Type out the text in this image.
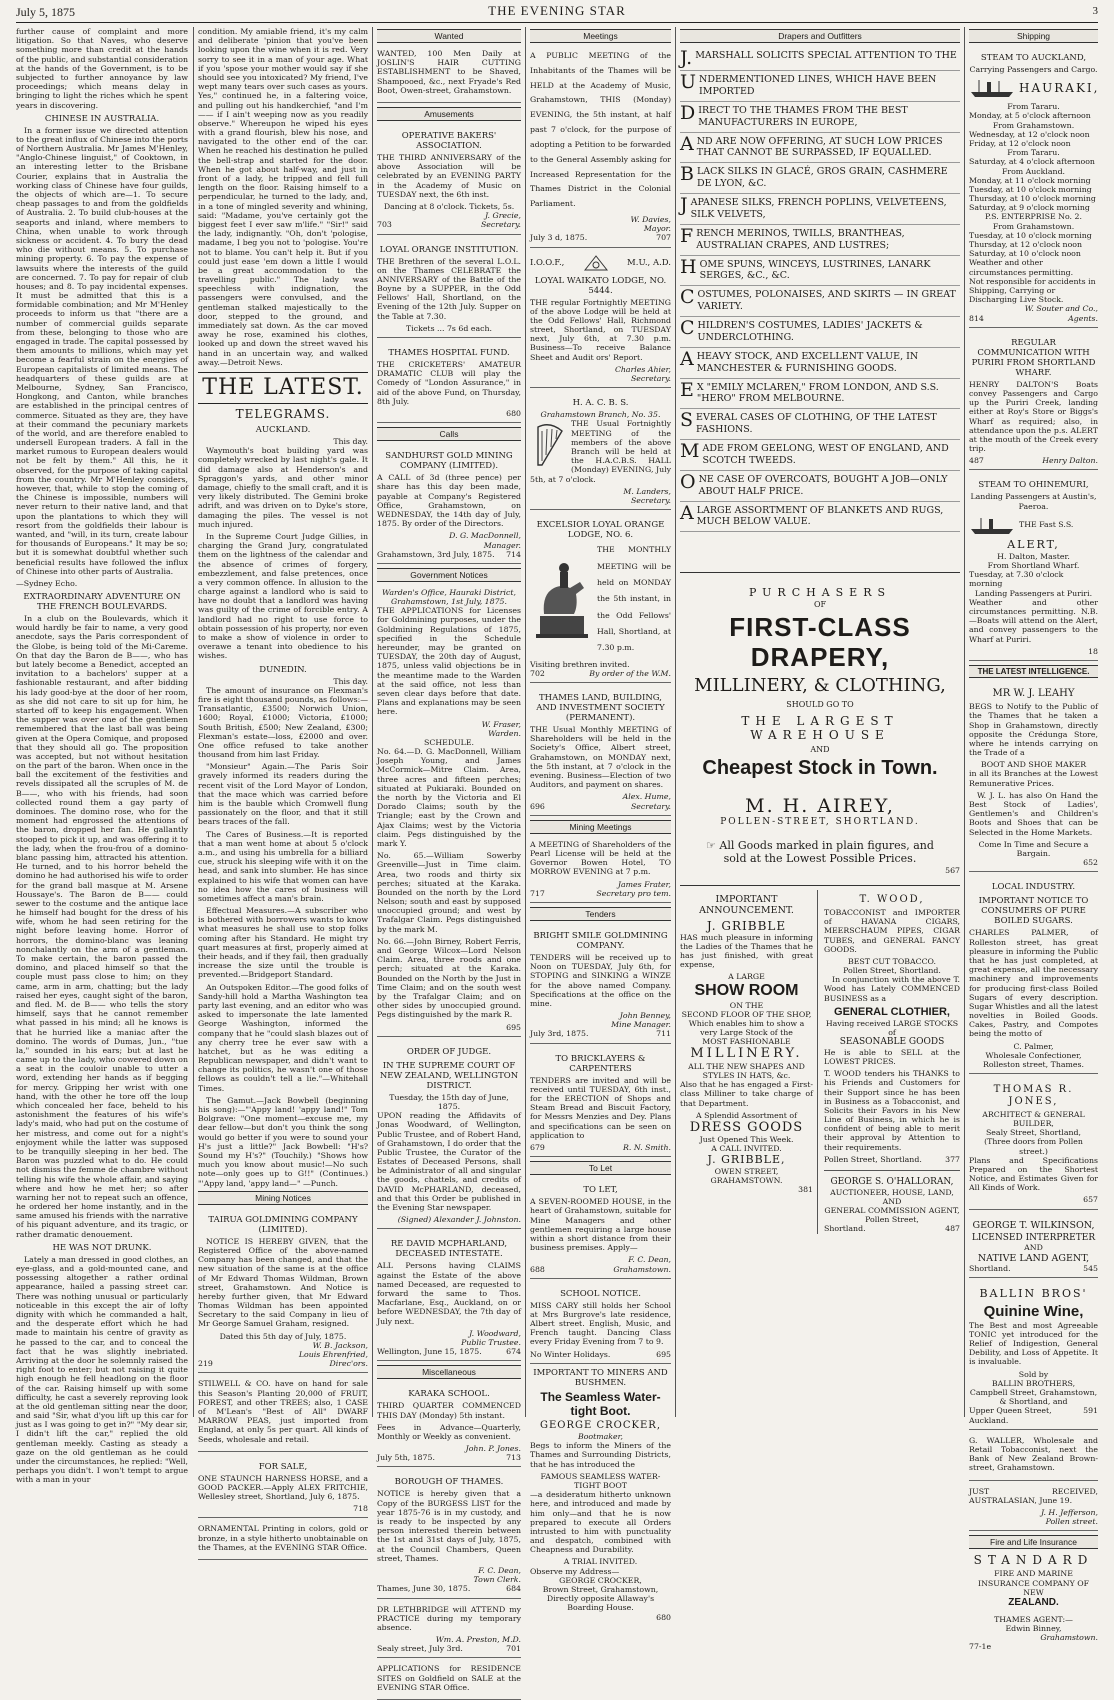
July 5, 1875	THE EVENING STAR	3

further cause of complaint and more litigation. So that Naves, who deserve something more than credit at the hands of the public, and substantial consideration at the hands of the Government, is to be subjected to further annoyance by law proceedings; which means delay in bringing to light the riches which he spent years in discovering.

CHINESE IN AUSTRALIA.

In a former issue we directed attention to the great influx of Chinese into the ports of Northern Australia. Mr James M'Henley, "Anglo-Chinese linguist," of Cooktown, in an interesting letter to the Brisbane Courier, explains that in Australia the working class of Chinese have four guilds, the objects of which are—1. To secure cheap passages to and from the goldfields of Australia. 2. To build club-houses at the seaports and inland, where members to China, when unable to work through sickness or accident. 4. To bury the dead who die without means. 5. To purchase mining property. 6. To pay the expense of lawsuits where the interests of the guild are concerned. 7. To pay for repair of club houses; and 8. To pay incidental expenses. It must be admitted that this is a formidable combination; and Mr M'Henley proceeds to inform us that "there are a number of commercial guilds separate from these, belonging to those who are engaged in trade. The capital possessed by them amounts to millions, which may yet become a fearful strain on the energies of European capitalists of limited means. The headquarters of these guilds are at Melbourne, Sydney, San Francisco, Hongkong, and Canton, while branches are established in the principal centres of commerce. Situated as they are, they have at their command the pecuniary markets of the world, and are therefore enabled to undersell European traders. A fall in the market rumous to European dealers would not be felt by them." All this, he it observed, for the purpose of taking capital from the country. Mr M'Henley considers, however, that, while to stop the coming of the Chinese is impossible, numbers will never return to their native land, and that upon the plantations to which they will resort from the goldfields their labour is wanted, and "will, in its turn, create labour for thousands of Europeans." It may be so; but it is somewhat doubtful whether such beneficial results have followed the influx of Chinese into other parts of Australia.

—Sydney Echo.

EXTRAORDINARY ADVENTURE ON THE FRENCH BOULEVARDS.

In a club on the Boulevards, which it would hardly be fair to name, a very good anecdote, says the Paris correspondent of the Globe, is being told of the Mi-Careme. On that day the Baron de B——, who has but lately become a Benedict, accepted an invitation to a bachelors' supper at a fashionable restaurant, and after bidding his lady good-bye at the door of her room, as she did not care to sit up for him, he started off to keep his engagement. When the supper was over one of the gentlemen remembered that the last ball was being given at the Opera Comique, and proposed that they should all go. The proposition was accepted, but not without hesitation on the part of the baron. When once in the ball the excitement of the festivities and revels dissipated all the scruples of M. de B——, who with his friends, had soon collected round them a gay party of dominoes. The domino rose, who for the moment had engrossed the attentions of the baron, dropped her fan. He gallantly stooped to pick it up, and was offering it to the lady, when the frou-frou of a domino-blanc passing him, attracted his attention. He turned, and to his horror beheld the domino he had authorised his wife to order for the grand ball masque at M. Arsene Houssaye's. The Baron de B—— could sewer to the costume and the antique lace he himself had bought for the dress of his wife, whom he had seen retiring for the night before leaving home. Horror of horrors, the domino-blanc was leaning nonchalantly on the arm of a gentleman. To make certain, the baron passed the domino, and placed himself so that the couple must pass close to him; on they came, arm in arm, chatting; but the lady raised her eyes, caught sight of the baron, and fled. M. de B—— who tells the story himself, says that he cannot remember what passed in his mind; all he knows is that he hurried like a maniac after the domino. The words of Dumas, Jun., "tue la," sounded in his ears; but at last he came up to the lady, who cowered down on a seat in the couloir unable to utter a word, extending her hands as if begging for mercy. Gripping her wrist with one hand, with the other he tore off the loup which concealed her face, beheld to his astonishment the features of his wife's lady's maid, who had put on the costume of her mistress, and come out for a night's enjoyment while the latter was supposed to be tranquilly sleeping in her bed. The Baron was puzzled what to do. He could not dismiss the femme de chambre without telling his wife the whole affair, and saying where and how he met her; so after warning her not to repeat such an offence, he ordered her home instantly, and in the same amused his friends with the narrative of his piquant adventure, and its tragic, or rather dramatic denouement.

HE WAS NOT DRUNK.

Lately a man dressed in good clothes, an eye-glass, and a gold-mounted cane, and possessing altogether a rather ordinal appearance, hailed a passing street car. There was nothing unusual or particularly noticeable in this except the air of lofty dignity with which he commanded a halt, and the desperate effort which he had made to maintain his centre of gravity as he passed to the car, and to conceal the fact that he was slightly inebriated. Arriving at the door he solemnly raised the right foot to enter; but not raising it quite high enough he fell headlong on the floor of the car. Raising himself up with some difficulty, he cast a severely reproving look at the old gentleman sitting near the door, and said "Sir, what d'you lift up this car for just as I was going to get in?" "My dear sir, I didn't lift the car," replied the old gentleman meekly. Casting as steady a gaze on the old gentleman as he could under the circumstances, he replied: "Well, perhaps you didn't. I won't tempt to argue with a man in your

condition. My amiable friend, it's my calm and deliberate 'pinion that you've been looking upon the wine when it is red. Very sorry to see it in a man of your age. What if you 'spose your mother would say if she should see you intoxicated? My friend, I've wept many tears over such cases as yours. Yes," continued he, in a faltering voice, and pulling out his handkerchief, "and I'm —— if I ain't weeping now as you readily observe." Whereupon he wiped his eyes with a grand flourish, blew his nose, and navigated to the other end of the car. When he reached his destination he pulled the bell-strap and started for the door. When he got about half-way, and just in front of a lady, he tripped and fell full length on the floor. Raising himself to a perpendicular, he turned to the lady, and, in a tone of mingled severity and whining, said: "Madame, you've certainly got the biggest feet I ever saw m'life." "Sir!" said the lady, indignantly. "Oh, don't 'pologise, madame, I beg you not to 'pologise. You're not to blame. You can't help it. But if you could just ease 'em down a little I would be a great accommodation to the travelling public." The lady was speechless with indignation, the passengers were convulsed, and the gentleman stalked majestically to the door, stepped to the ground, and immediately sat down. As the car moved away he rose, examined his clothes, looked up and down the street waved his hand in an uncertain way, and walked away.—Detroit News.

THE LATEST.
TELEGRAMS.
AUCKLAND.
This day.

Waymouth's boat building yard was completely wrecked by last night's gale. It did damage also at Henderson's and Spraggon's yards, and other minor damage, chiefly to the small craft, and it is very likely distributed. The Gemini broke adrift, and was driven on to Dyke's store, damaging the piles. The vessel is not much injured.

In the Supreme Court Judge Gillies, in charging the Grand Jury, congratulated them on the lightness of the calendar and the absence of crimes of forgery, embezzlement, and false pretences, once a very common offence. In allusion to the charge against a landlord who is said to have no doubt that a landlord was having was guilty of the crime of forcible entry. A landlord had no right to use force to obtain possession of his property, nor even to make a show of violence in order to overawe a tenant into obedience to his wishes.

DUNEDIN.
This day.

The amount of insurance on Flexman's fire is eight thousand pounds, as follows:—Transatlantic, £3500; Norwich Union, 1600; Royal, £1000; Victoria, £1000; South British, £500; New Zealand, £300; Flexman's estate—loss, £2000 and over. One office refused to take another thousand from him last Friday.

"Monsieur" Again.—The Paris Soir gravely informed its readers during the recent visit of the Lord Mayor of London, that the mace which was carried before him is the bauble which Cromwell flung passionately on the floor, and that it still bears traces of the fall.

The Cares of Business.—It is reported that a man went home at about 5 o'clock a.m., and using his umbrella for a billiard cue, struck his sleeping wife with it on the head, and sank into slumber. He has since explained to his wife that women can have no idea how the cares of business will sometimes affect a man's brain.

Effectual Measures.—A subscriber who is bothered with borrowers wants to know what measures he shall use to stop folks coming after his Standard. He might try quart measures at first, properly aimed at their heads, and if they fail, then gradually increase the size until the trouble is prevented.—Bridgeport Standard.

An Outspoken Editor.—The good folks of Sandy-hill hold a Martha Washington tea party last evening, and an editor who was asked to impersonate the late lamented George Washington, informed the company that he "could slash blazes out of any cherry tree he ever saw with a hatchet, but as he was editing a Republican newspaper, and didn't want to change its politics, he wasn't one of those fellows as couldn't tell a lie."—Whitehall Times.

The Gamut.—Jack Bowbell (beginning his song):—"'Appy land! 'appy land!" Tom Bolgrave: "One moment—excuse me, my dear fellow—but don't you think the song would go better if you were to sound your H's just a little?" Jack Bowbell: "H's? Sound my H's?" (Touchily.) "Shows how much you know about music!—No such note—only goes up to G!!" (Continues.) "'Appy land, 'appy land—" —Punch.

Mining Notices
TAIRUA GOLDMINING COMPANY (LIMITED).

NOTICE IS HEREBY GIVEN, that the Registered Office of the above-named Company has been changed, and that the new situation of the same is at the office of Mr Edward Thomas Wildman, Brown street, Grahamstown. And Notice is hereby further given, that Mr Edward Thomas Wildman has been appointed Secretary to the said Company in lieu of Mr George Samuel Graham, resigned.

Dated this 5th day of July, 1875.
W. B. Jackson,
Louis Ehrenfried,
219	Direc'ors.

STILWELL & CO. have on hand for sale this Season's Planting 20,000 of FRUIT, FOREST, and other TREES; also, 1 CASE of M'Lean's "Best of All" DWARF MARROW PEAS, just imported from England, at only 5s per quart. All kinds of Seeds, wholesale and retail.

FOR SALE,

ONE STAUNCH HARNESS HORSE, and a GOOD PACKER.—Apply ALEX FRITCHIE, Wellesley street, Shortland, July 6, 1875.

718

ORNAMENTAL Printing in colors, gold or bronze, in a style hitherto unobtainable on the Thames, at the EVENING STAR Office.

Wanted

WANTED, 100 Men Daily at JOSLIN'S HAIR CUTTING ESTABLISHMENT to be Shaved, Shampooed, &c., next Fryade's Red Boot, Owen-street, Grahamstown.

Amusements
OPERATIVE BAKERS' ASSOCIATION.

THE THIRD ANNIVERSARY of the above Association will be celebrated by an EVENING PARTY in the Academy of Music on TUESDAY next, the 6th inst.

Dancing at 8 o'clock. Tickets, 5s.
J. Grecie,
703	Secretary.
LOYAL ORANGE INSTITUTION.

THE Brethren of the several L.O.L. on the Thames CELEBRATE the ANNIVERSARY of the Battle of the Boyne by a SUPPER, in the Odd Fellows' Hall, Shortland, on the Evening of the 12th July. Supper on the Table at 7.30.

Tickets ... 7s 6d each.
THAMES HOSPITAL FUND.

THE CRICKETERS' AMATEUR DRAMATIC CLUB will play the Comedy of "London Assurance," in aid of the above Fund, on Thursday, 8th July.

680
Calls
SANDHURST GOLD MINING COMPANY (LIMITED).

A CALL of 3d (three pence) per share has this day been made, payable at Company's Registered Office, Grahamstown, on WEDNESDAY, the 14th day of July, 1875. By order of the Directors.

D. G. MacDonnell,
Manager.
Grahamstown, 3rd July, 1875. 714
Government Notices
Warden's Office, Hauraki District, Grahamstown, 1st July, 1875.

THE APPLICATIONS for Licenses for Goldmining purposes, under the Goldmining Regulations of 1875, specified in the Schedule hereunder, may be granted on TUESDAY, the 20th day of August, 1875, unless valid objections be in the meantime made to the Warden at the said office, not less than seven clear days before that date. Plans and explanations may be seen here.

W. Fraser,
Warden.
SCHEDULE.

No. 64.—D. G. MacDonnell, William Joseph Young, and James McCormick—Mitre Claim. Area, three acres and fifteen perches; situated at Pukiaraki. Bounded on the north by the Victoria and El Dorado Claims; south by the Triangle; east by the Crown and Ajax Claims; west by the Victoria claim. Pegs distinguished by the mark Y.

No. 65.—William Sowerby Greenville—Just in Time claim. Area, two roods and thirty six perches; situated at the Karaka. Bounded on the north by the Lord Nelson; south and east by supposed unoccupied ground; and west by Trafalgar Claim. Pegs distinguished by the mark M.

No. 66.—John Birney, Robert Ferris, and George Wilcox—Lord Nelson Claim. Area, three roods and one perch; situated at the Karaka. Bounded on the North by the Just in Time Claim; and on the south west by the Trafalgar Claim; and on other sides by unoccupied ground. Pegs distinguished by the mark R.

695
ORDER OF JUDGE.
IN THE SUPREME COURT OF NEW ZEALAND, WELLINGTON DISTRICT.
Tuesday, the 15th day of June, 1875.

UPON reading the Affidavits of Jonas Woodward, of Wellington, Public Trustee, and of Robert Hand, of Grahamstown, I do order that the Public Trustee, the Curator of the Estates of Deceased Persons, shall be Administrator of all and singular the goods, chattels, and credits of DAVID McPHARLAND, deceased, and that this Order be published in the Evening Star newspaper.

(Signed) Alexander J. Johnston.
RE DAVID MCPHARLAND, DECEASED INTESTATE.

ALL Persons having CLAIMS against the Estate of the above named Deceased, are requested to forward the same to Thos. Macfarlane, Esq., Auckland, on or before WEDNESDAY, the 7th day of July next.

J. Woodward,
Public Trustee.
Wellington, June 15, 1875.	674
Miscellaneous
KARAKA SCHOOL.

THIRD QUARTER COMMENCED THIS DAY (Monday) 5th instant.

Fees in Advance—Quarterly, Monthly or Weekly as convenient.

John. P. Jones.
July 5th, 1875.	713
BOROUGH OF THAMES.

NOTICE is hereby given that a Copy of the BURGESS LIST for the year 1875-76 is in my custody, and is ready to be inspected by any person interested therein between the 1st and 31st days of July, 1875, at the Council Chambers, Queen street, Thames.

F. C. Dean,
Town Clerk.
Thames, June 30, 1875.	684

DR LETHBRIDGE will ATTEND my PRACTICE during my temporary absence.

Wm. A. Preston, M.D.
Sealy street, July 3rd.	701

APPLICATIONS for RESIDENCE SITES on Goldfield on SALE at the EVENING STAR Office.

Meetings

A PUBLIC MEETING of the Inhabitants of the Thames will be HELD at the Academy of Music, Grahamstown, THIS (Monday) EVENING, the 5th instant, at half past 7 o'clock, for the purpose of adopting a Petition to be forwarded to the General Assembly asking for Increased Representation for the Thames District in the Colonial Parliament.

W. Davies,
Mayor.
July 3 d, 1875.	707
I.O.O.F.,	M.U., A.D.
LOYAL WAIKATO LODGE, NO. 5444.

THE regular Fortnightly MEETING of the above Lodge will be held at the Odd Fellows' Hall, Richmond street, Shortland, on TUESDAY next, July 6th, at 7.30 p.m. Business—To receive Balance Sheet and Audit ors' Report.

Charles Ahier,
Secretary.
H. A. C. B. S.
Grahamstown Branch, No. 35.

THE Usual Fortnightly MEETING of the members of the above Branch will be held at the H.A.C.B.S. HALL (Monday) EVENING, July 5th, at 7 o'clock.

M. Landers,
Secretary.
EXCELSIOR LOYAL ORANGE LODGE, NO. 6.

THE MONTHLY MEETING will be held on MONDAY the 5th instant, in the Odd Fellows' Hall, Shortland, at 7.30 p.m.

Visiting brethren invited.
702	By order of the W.M.
THAMES LAND, BUILDING, AND INVESTMENT SOCIETY (PERMANENT).

THE Usual Monthly MEETING of Shareholders will be held in the Society's Office, Albert street, Grahamstown, on MONDAY next, the 5th instant, at 7 o'clock in the evening. Business—Election of two Auditors, and payment on shares.

Alex. Hume,
696	Secretary.
Mining Meetings

A MEETING of Shareholders of the Pearl License will be held at the Governor Bowen Hotel, TO MORROW EVENING at 7 p.m.

James Frater,
717	Secretary pro tem.
Tenders
BRIGHT SMILE GOLDMINING COMPANY.

TENDERS will be received up to Noon on TUESDAY, July 6th, for STOPING and SINKING a WINZE for the above named Company. Specifications at the office on the mine.

John Benney,
Mine Manager.
July 3rd, 1875.	711
TO BRICKLAYERS & CARPENTERS

TENDERS are invited and will be received until TUESDAY, 6th inst., for the ERECTION of Shops and Steam Bread and Biscuit Factory, for Messrs Menzies and Dey. Plans and specifications can be seen on application to

679	R. N. Smith.
To Let
TO LET,

A SEVEN-ROOMED HOUSE, in the heart of Grahamstown, suitable for Mine Managers and other gentlemen requiring a large house within a short distance from their business premises. Apply—

F. C. Dean,
688	Grahamstown.
SCHOOL NOTICE.

MISS CARY still holds her School at Mrs Burgrove's late residence, Albert street. English, Music, and French taught. Dancing Class every Friday Evening from 7 to 9.

No Winter Holidays.	695
IMPORTANT TO MINERS AND BUSHMEN.
The Seamless Water-tight Boot.
GEORGE CROCKER,
Bootmaker,

Begs to inform the Miners of the Thames and Surrounding Districts, that he has introduced the

FAMOUS SEAMLESS WATER-TIGHT BOOT

—a desideratum hitherto unknown here, and introduced and made by him only—and that he is now prepared to execute all Orders intrusted to him with punctuality and despatch, combined with Cheapness and Durability.

A TRIAL INVITED.
Observe my Address—
GEORGE CROCKER,
Brown Street, Grahamstown,
Directly opposite Allaway's Boarding House.
680
Drapers and Outfitters
J. MARSHALL SOLICITS SPECIAL ATTENTION TO THE
UNDERMENTIONED LINES, WHICH HAVE BEEN IMPORTED
DIRECT TO THE THAMES FROM THE BEST MANUFACTURERS IN EUROPE,
AND ARE NOW OFFERING, AT SUCH LOW PRICES THAT CANNOT BE SURPASSED, IF EQUALLED.
BLACK SILKS IN GLACÉ, GROS GRAIN, CASHMERE DE LYON, &C.
JAPANESE SILKS, FRENCH POPLINS, VELVETEENS, SILK VELVETS,
FRENCH MERINOS, TWILLS, BRANTHEAS, AUSTRALIAN CRAPES, AND LUSTRES;
HOME SPUNS, WINCEYS, LUSTRINES, LANARK SERGES, &C., &C.
COSTUMES, POLONAISES, AND SKIRTS — IN GREAT VARIETY.
CHILDREN'S COSTUMES, LADIES' JACKETS & UNDERCLOTHING.
AHEAVY STOCK, AND EXCELLENT VALUE, IN MANCHESTER & FURNISHING GOODS.
E X "EMILY MCLAREN," FROM LONDON, AND S.S. "HERO" FROM MELBOURNE.
SEVERAL CASES OF CLOTHING, OF THE LATEST FASHIONS.
MADE FROM GEELONG, WEST OF ENGLAND, AND SCOTCH TWEEDS.
ONE CASE OF OVERCOATS, BOUGHT A JOB—ONLY ABOUT HALF PRICE.
ALARGE ASSORTMENT OF BLANKETS AND RUGS, MUCH BELOW VALUE.
PURCHASERS
OF
FIRST-CLASS DRAPERY,
MILLINERY, & CLOTHING,
SHOULD GO TO
THE LARGEST WAREHOUSE
AND
Cheapest Stock in Town.
M. H. AIREY,
POLLEN-STREET, SHORTLAND.
☞ All Goods marked in plain figures, and sold at the Lowest Possible Prices.
567
IMPORTANT ANNOUNCEMENT.
J. GRIBBLE

HAS much pleasure in informing the Ladies of the Thames that he has just finished, with great expense,

A LARGE
SHOW ROOM
ON THE
SECOND FLOOR OF THE SHOP,
Which enables him to show a very Large Stock of the
MOST FASHIONABLE
MILLINERY.
ALL THE NEW SHAPES AND STYLES IN HATS, &c.

Also that he has engaged a First-class Milliner to take charge of that Department.

A Splendid Assortment of
DRESS GOODS
Just Opened This Week.
A CALL INVITED.
J. GRIBBLE,
OWEN STREET, GRAHAMSTOWN.
381
T. WOOD,

TOBACCONIST and IMPORTER of HAVANA CIGARS, MEERSCHAUM PIPES, CIGAR TUBES, and GENERAL FANCY GOODS.

BEST CUT TOBACCO.
Pollen Street, Shortland.

In conjunction with the above T. Wood has Lately COMMENCED BUSINESS as a

GENERAL CLOTHIER,
Having received LARGE STOCKS of
SEASONABLE GOODS

He is able to SELL at the LOWEST PRICES.

T. WOOD tenders his THANKS to his Friends and Customers for their Support since he has been in Business as a Tobacconist, and Solicits their Favors in his New Line of Business, in which he is confident of being able to merit their approval by Attention to their requirements.

Pollen Street, Shortland.	377
GEORGE S. O'HALLORAN,
AUCTIONEER, HOUSE, LAND,
AND
GENERAL COMMISSION AGENT,
Pollen Street,
Shortland.	487
Shipping
STEAM TO AUCKLAND,
Carrying Passengers and Cargo.
HAURAKI,
From Tararu.
Monday, at 5 o'clock afternoon
From Grahamstown.
Wednesday, at 12 o'clock noon
Friday, at 12 o'clock noon
From Tararu.
Saturday, at 4 o'clock afternoon
From Auckland.
Monday, at 11 o'clock morning
Tuesday, at 10 o'clock morning
Thursday, at 10 o'clock morning
Saturday, at 9 o'clock morning
P.S. ENTERPRISE No. 2.
From Grahamstown.
Tuesday, at 10 o'clock morning
Thursday, at 12 o'clock noon
Saturday, at 10 o'clock noon
Weather and other circumstances permitting.
Not responsible for accidents in Shipping, Carrying or Discharging Live Stock.
W. Souter and Co.,
814	Agents.
REGULAR COMMUNICATION WITH PURIRI FROM SHORTLAND WHARF.

HENRY DALTON'S Boats convey Passengers and Cargo up the Puriri Creek, landing either at Roy's Store or Biggs's Wharf as required; also, in attendance upon the p.s. ALERT at the mouth of the Creek every trip.

487	Henry Dalton.
STEAM TO OHINEMURI,
Landing Passengers at Austin's, Paeroa.
THE Fast S.S.
ALERT,
H. Dalton, Master.
From Shortland Wharf.
Tuesday, at 7.30 o'clock morning
Landing Passengers at Puriri.

Weather and other circumstances permitting. N.B.—Boats will attend on the Alert, and convey passengers to the Wharf at Puriri.

18
THE LATEST INTELLIGENCE.
MR W. J. LEAHY

BEGS to Notify to the Public of the Thames that he taken a Shop in Grahamstown, directly opposite the Crédunga Store, where he intends carrying on the Trade of a

BOOT AND SHOE MAKER

in all its Branches at the Lowest Remunerative Prices.

W. J. L. has also On Hand the Best Stock of Ladies', Gentlemen's and Children's Boots and Shoes that can be Selected in the Home Markets.

Come In Time and Secure a Bargain.
652
LOCAL INDUSTRY.
IMPORTANT NOTICE TO CONSUMERS OF PURE BOILED SUGARS.

CHARLES PALMER, of Rolleston street, has great pleasure in informing the Public that he has just completed, at great expense, all the necessary machinery and improvements for producing first-class Boiled Sugars of every description. Sugar Whistles and all the latest novelties in Boiled Goods. Cakes, Pastry, and Compotes being the motto of

C. Palmer,
Wholesale Confectioner,
Rolleston street, Thames.
THOMAS R. JONES,
ARCHITECT & GENERAL BUILDER,
Sealy Street, Shortland,
(Three doors from Pollen street.)

Plans and Specifications Prepared on the Shortest Notice, and Estimates Given for All Kinds of Work.

657
GEORGE T. WILKINSON,
LICENSED INTERPRETER
AND
NATIVE LAND AGENT,
Shortland.	545
BALLIN BROS'
Quinine Wine,

The Best and most Agreeable TONIC yet introduced for the Relief of Indigestion, General Debility, and Loss of Appetite. It is invaluable.

Sold by
BALLIN BROTHERS,
Campbell Street, Grahamstown, & Shortland, and
Upper Queen Street, Auckland.
591

G. WALLER, Wholesale and Retail Tobacconist, next the Bank of New Zealand Brown-street, Grahamstown.

JUST RECEIVED, AUSTRALASIAN, June 19.

J. H. Jefferson,
Pollen street.
Fire and Life Insurance
STANDARD
FIRE AND MARINE
INSURANCE COMPANY OF NEW
ZEALAND.
THAMES AGENT:—
Edwin Binney,
Grahamstown.
77-1e
